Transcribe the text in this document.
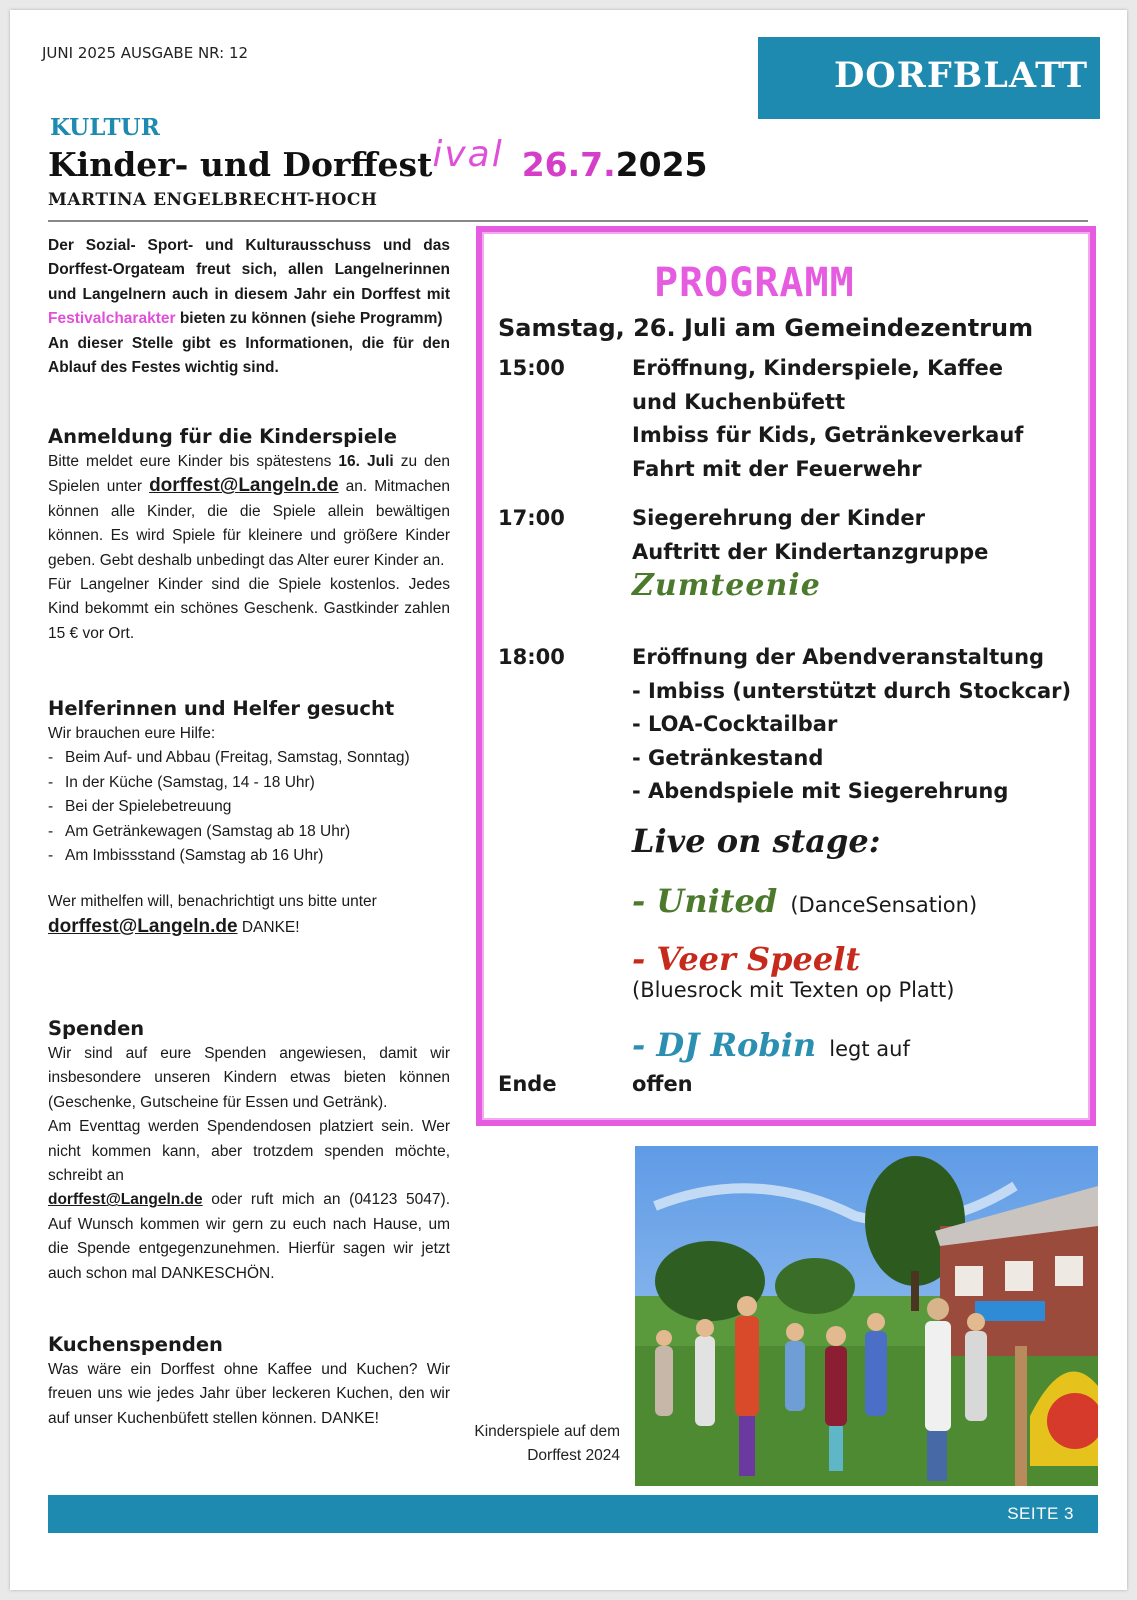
JUNI 2025 AUSGABE NR: 12
DORFBLATT
KULTUR
Kinder- und Dorffestival 26.7.2025
MARTINA ENGELBRECHT-HOCH

Der Sozial- Sport- und Kulturausschuss und das Dorffest-Orgateam freut sich, allen Langelnerinnen und Langelnern auch in diesem Jahr ein Dorffest mit Festivalcharakter bieten zu können (siehe Programm)
An dieser Stelle gibt es Informationen, die für den Ablauf des Festes wichtig sind.

Anmeldung für die Kinderspiele

Bitte meldet eure Kinder bis spätestens 16. Juli zu den Spielen unter dorffest@Langeln.de an. Mitmachen können alle Kinder, die die Spiele allein bewältigen können. Es wird Spiele für kleinere und größere Kinder geben. Gebt deshalb unbedingt das Alter eurer Kinder an.
Für Langelner Kinder sind die Spiele kostenlos. Jedes Kind bekommt ein schönes Geschenk. Gastkinder zahlen 15 € vor Ort.

Helferinnen und Helfer gesucht

Wir brauchen eure Hilfe:

- Beim Auf- und Abbau (Freitag, Samstag, Sonntag)
- In der Küche (Samstag, 14 - 18 Uhr)
- Bei der Spielebetreuung
- Am Getränkewagen (Samstag ab 18 Uhr)
- Am Imbissstand (Samstag ab 16 Uhr)

Wer mithelfen will, benachrichtigt uns bitte unter
dorffest@Langeln.de DANKE!

Spenden

Wir sind auf eure Spenden angewiesen, damit wir insbesondere unseren Kindern etwas bieten können (Geschenke, Gutscheine für Essen und Getränk).
Am Eventtag werden Spendendosen platziert sein. Wer nicht kommen kann, aber trotzdem spenden möchte, schreibt an
dorffest@Langeln.de oder ruft mich an (04123 5047). Auf Wunsch kommen wir gern zu euch nach Hause, um die Spende entgegenzunehmen. Hierfür sagen wir jetzt auch schon mal DANKESCHÖN.

Kuchenspenden

Was wäre ein Dorffest ohne Kaffee und Kuchen? Wir freuen uns wie jedes Jahr über leckeren Kuchen, den wir auf unser Kuchenbüfett stellen können. DANKE!

PROGRAMM
Samstag, 26. Juli am Gemeindezentrum
15:00	Eröffnung, Kinderspiele, Kaffee
und Kuchenbüfett
Imbiss für Kids, Getränkeverkauf
Fahrt mit der Feuerwehr
17:00	Siegerehrung der Kinder
Auftritt der Kindertanzgruppe
Zumteenie
18:00	Eröffnung der Abendveranstaltung
- Imbiss (unterstützt durch Stockcar)
- LOA-Cocktailbar
- Getränkestand
- Abendspiele mit Siegerehrung
Live on stage:
- United (DanceSensation)
- Veer Speelt
(Bluesrock mit Texten op Platt)
- DJ Robin legt auf
Ende	offen
Kinderspiele auf dem Dorffest 2024
SEITE 3
